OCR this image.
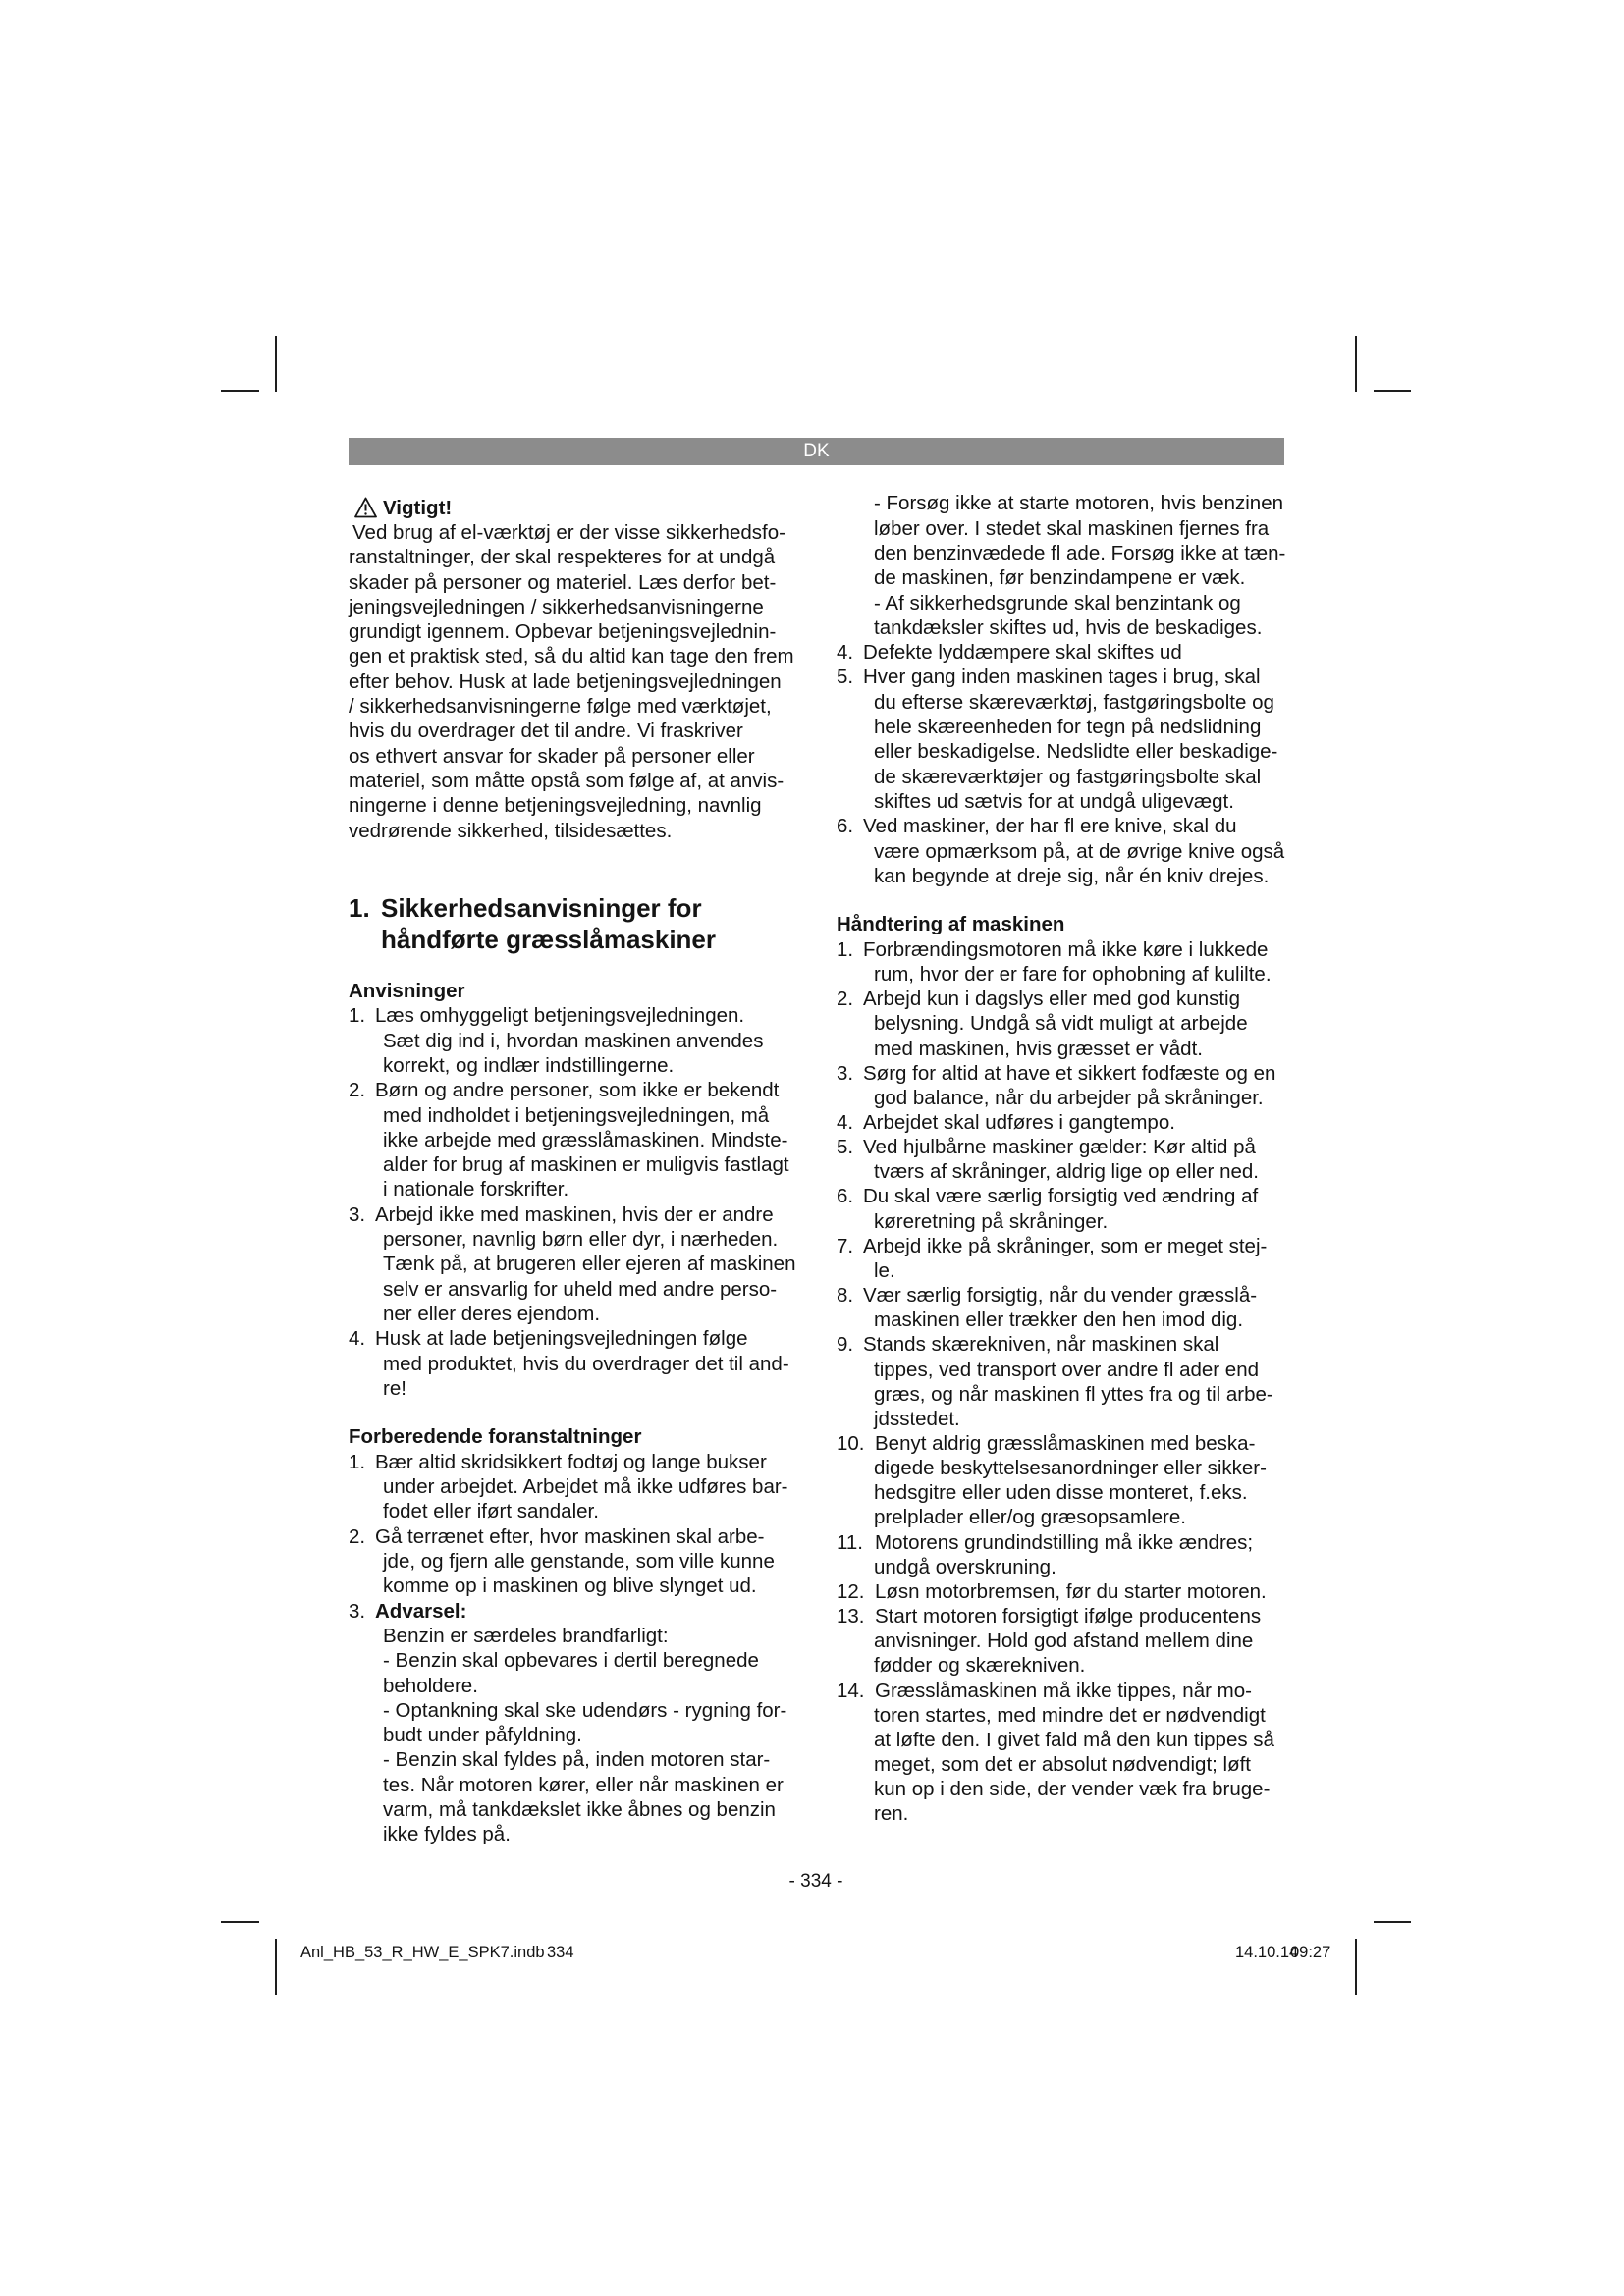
DK
Vigtigt!
Ved brug af el-værktøj er der visse sikkerhedsfo-
ranstaltninger, der skal respekteres for at undgå
skader på personer og materiel. Læs derfor bet-
jeningsvejledningen / sikkerhedsanvisningerne
grundigt igennem. Opbevar betjeningsvejlednin-
gen et praktisk sted, så du altid kan tage den frem
efter behov. Husk at lade betjeningsvejledningen
/ sikkerhedsanvisningerne følge med værktøjet,
hvis du overdrager det til andre. Vi fraskriver
os ethvert ansvar for skader på personer eller
materiel, som måtte opstå som følge af, at anvis-
ningerne i denne betjeningsvejledning, navnlig
vedrørende sikkerhed, tilsidesættes.
1. Sikkerhedsanvisninger for
håndførte græsslåmaskiner
Anvisninger
1. Læs omhyggeligt betjeningsvejledningen.
Sæt dig ind i, hvordan maskinen anvendes
korrekt, og indlær indstillingerne.
2. Børn og andre personer, som ikke er bekendt
med indholdet i betjeningsvejledningen, må
ikke arbejde med græsslåmaskinen. Mindste-
alder for brug af maskinen er muligvis fastlagt
i nationale forskrifter.
3. Arbejd ikke med maskinen, hvis der er andre
personer, navnlig børn eller dyr, i nærheden.
Tænk på, at brugeren eller ejeren af maskinen
selv er ansvarlig for uheld med andre perso-
ner eller deres ejendom.
4. Husk at lade betjeningsvejledningen følge
med produktet, hvis du overdrager det til and-
re!
Forberedende foranstaltninger
1. Bær altid skridsikkert fodtøj og lange bukser
under arbejdet. Arbejdet må ikke udføres bar-
fodet eller iført sandaler.
2. Gå terrænet efter, hvor maskinen skal arbe-
jde, og fjern alle genstande, som ville kunne
komme op i maskinen og blive slynget ud.
3. Advarsel:
Benzin er særdeles brandfarligt:
- Benzin skal opbevares i dertil beregnede
beholdere.
- Optankning skal ske udendørs - rygning for-
budt under påfyldning.
- Benzin skal fyldes på, inden motoren star-
tes. Når motoren kører, eller når maskinen er
varm, må tankdækslet ikke åbnes og benzin
ikke fyldes på.
- Forsøg ikke at starte motoren, hvis benzinen
løber over. I stedet skal maskinen fjernes fra
den benzinvædede fl ade. Forsøg ikke at tæn-
de maskinen, før benzindampene er væk.
- Af sikkerhedsgrunde skal benzintank og
tankdæksler skiftes ud, hvis de beskadiges.
4. Defekte lyddæmpere skal skiftes ud
5. Hver gang inden maskinen tages i brug, skal
du efterse skæreværktøj, fastgøringsbolte og
hele skæreenheden for tegn på nedslidning
eller beskadigelse. Nedslidte eller beskadige-
de skæreværktøjer og fastgøringsbolte skal
skiftes ud sætvis for at undgå uligevægt.
6. Ved maskiner, der har fl ere knive, skal du
være opmærksom på, at de øvrige knive også
kan begynde at dreje sig, når én kniv drejes.
Håndtering af maskinen
1. Forbrændingsmotoren må ikke køre i lukkede
rum, hvor der er fare for ophobning af kulilte.
2. Arbejd kun i dagslys eller med god kunstig
belysning. Undgå så vidt muligt at arbejde
med maskinen, hvis græsset er vådt.
3. Sørg for altid at have et sikkert fodfæste og en
god balance, når du arbejder på skråninger.
4. Arbejdet skal udføres i gangtempo.
5. Ved hjulbårne maskiner gælder: Kør altid på
tværs af skråninger, aldrig lige op eller ned.
6. Du skal være særlig forsigtig ved ændring af
køreretning på skråninger.
7. Arbejd ikke på skråninger, som er meget stej-
le.
8. Vær særlig forsigtig, når du vender græsslå-
maskinen eller trækker den hen imod dig.
9. Stands skærekniven, når maskinen skal
tippes, ved transport over andre fl ader end
græs, og når maskinen fl yttes fra og til arbe-
jdsstedet.
10. Benyt aldrig græsslåmaskinen med beska-
digede beskyttelsesanordninger eller sikker-
hedsgitre eller uden disse monteret, f.eks.
prelplader eller/og græsopsamlere.
11. Motorens grundindstilling må ikke ændres;
undgå overskruning.
12. Løsn motorbremsen, før du starter motoren.
13. Start motoren forsigtigt ifølge producentens
anvisninger. Hold god afstand mellem dine
fødder og skærekniven.
14. Græsslåmaskinen må ikke tippes, når mo-
toren startes, med mindre det er nødvendigt
at løfte den. I givet fald må den kun tippes så
meget, som det er absolut nødvendigt; løft
kun op i den side, der vender væk fra bruge-
ren.
- 334 -
Anl_HB_53_R_HW_E_SPK7.indb 334	14.10.14
09:27
